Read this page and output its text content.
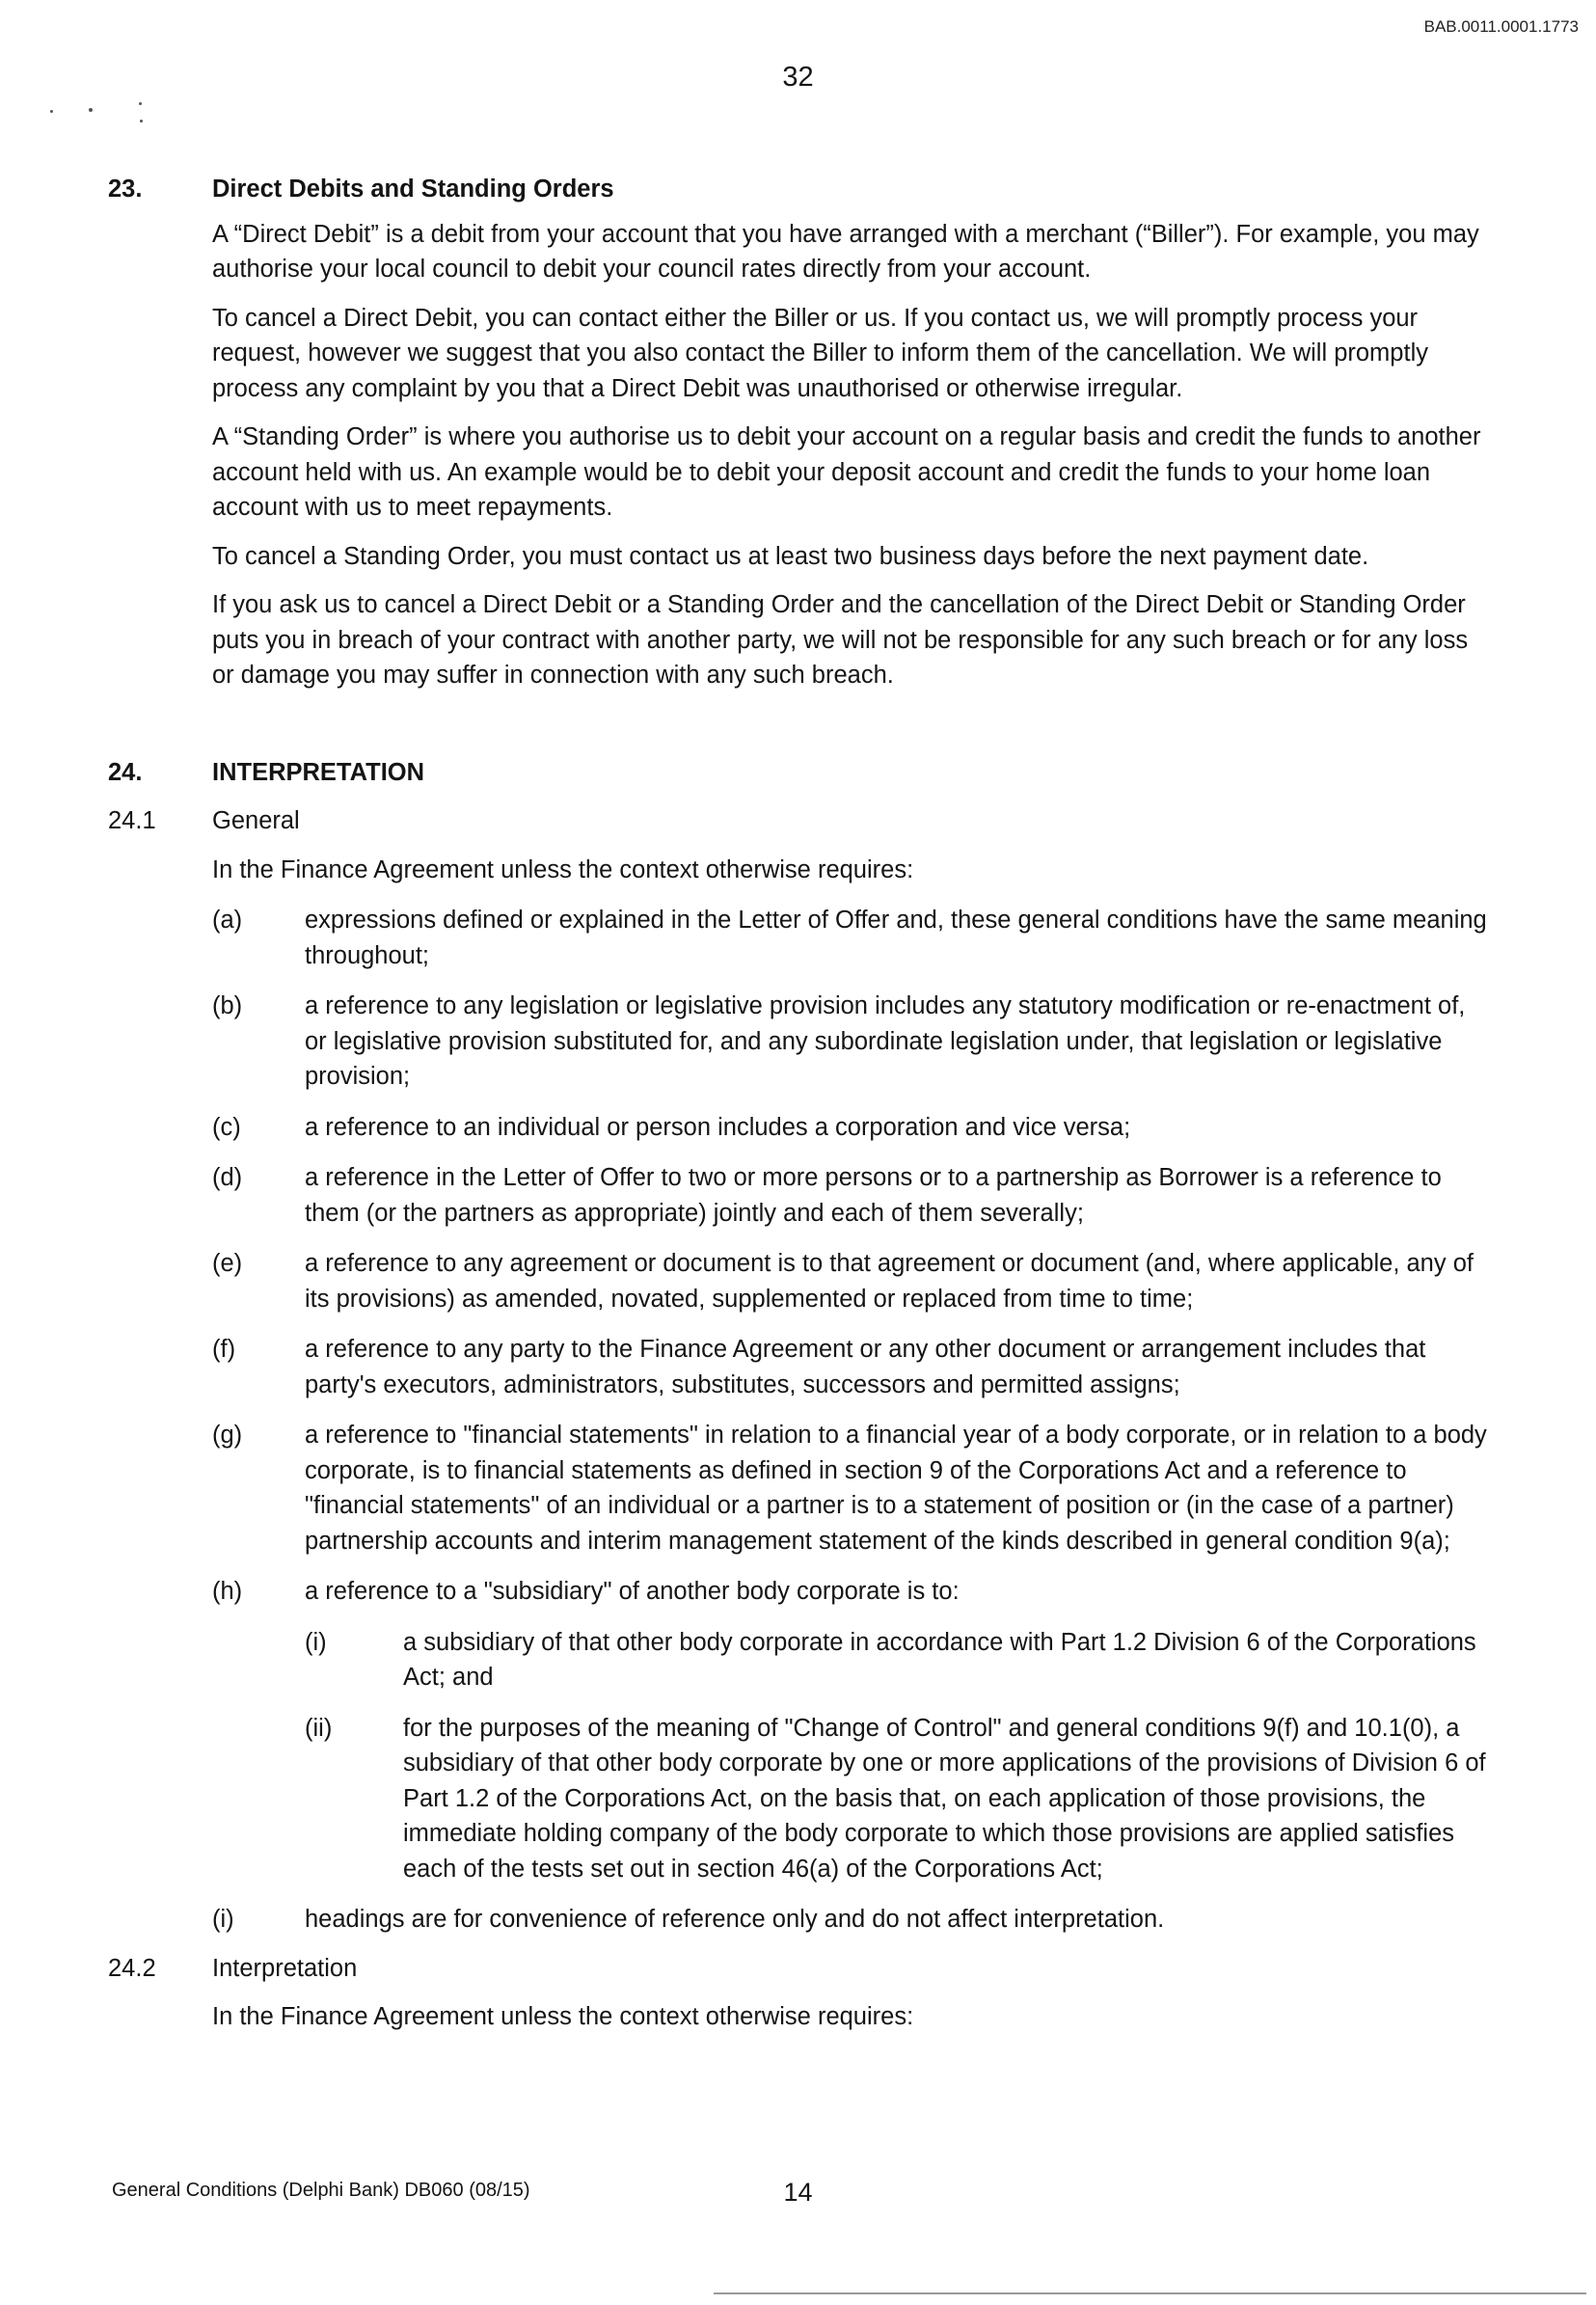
BAB.0011.0001.1773
32
23.	Direct Debits and Standing Orders

A “Direct Debit” is a debit from your account that you have arranged with a merchant (“Biller”). For example, you may authorise your local council to debit your council rates directly from your account.

To cancel a Direct Debit, you can contact either the Biller or us. If you contact us, we will promptly process your request, however we suggest that you also contact the Biller to inform them of the cancellation. We will promptly process any complaint by you that a Direct Debit was unauthorised or otherwise irregular.

A “Standing Order” is where you authorise us to debit your account on a regular basis and credit the funds to another account held with us. An example would be to debit your deposit account and credit the funds to your home loan account with us to meet repayments.

To cancel a Standing Order, you must contact us at least two business days before the next payment date.

If you ask us to cancel a Direct Debit or a Standing Order and the cancellation of the Direct Debit or Standing Order puts you in breach of your contract with another party, we will not be responsible for any such breach or for any loss or damage you may suffer in connection with any such breach.

24.	INTERPRETATION
24.1	General

In the Finance Agreement unless the context otherwise requires:

(a)	expressions defined or explained in the Letter of Offer and, these general conditions have the same meaning throughout;

(b)	a reference to any legislation or legislative provision includes any statutory modification or re-enactment of, or legislative provision substituted for, and any subordinate legislation under, that legislation or legislative provision;

(c)	a reference to an individual or person includes a corporation and vice versa;

(d)	a reference in the Letter of Offer to two or more persons or to a partnership as Borrower is a reference to them (or the partners as appropriate) jointly and each of them severally;

(e)	a reference to any agreement or document is to that agreement or document (and, where applicable, any of its provisions) as amended, novated, supplemented or replaced from time to time;

(f)	a reference to any party to the Finance Agreement or any other document or arrangement includes that party's executors, administrators, substitutes, successors and permitted assigns;

(g)	a reference to "financial statements" in relation to a financial year of a body corporate, or in relation to a body corporate, is to financial statements as defined in section 9 of the Corporations Act and a reference to "financial statements" of an individual or a partner is to a statement of position or (in the case of a partner) partnership accounts and interim management statement of the kinds described in general condition 9(a);

(h)	a reference to a "subsidiary" of another body corporate is to:

(i)	a subsidiary of that other body corporate in accordance with Part 1.2 Division 6 of the Corporations Act; and

(ii)	for the purposes of the meaning of "Change of Control" and general conditions 9(f) and 10.1(0), a subsidiary of that other body corporate by one or more applications of the provisions of Division 6 of Part 1.2 of the Corporations Act, on the basis that, on each application of those provisions, the immediate holding company of the body corporate to which those provisions are applied satisfies each of the tests set out in section 46(a) of the Corporations Act;

(i)	headings are for convenience of reference only and do not affect interpretation.

24.2	Interpretation

In the Finance Agreement unless the context otherwise requires:

General Conditions (Delphi Bank) DB060 (08/15)	14
